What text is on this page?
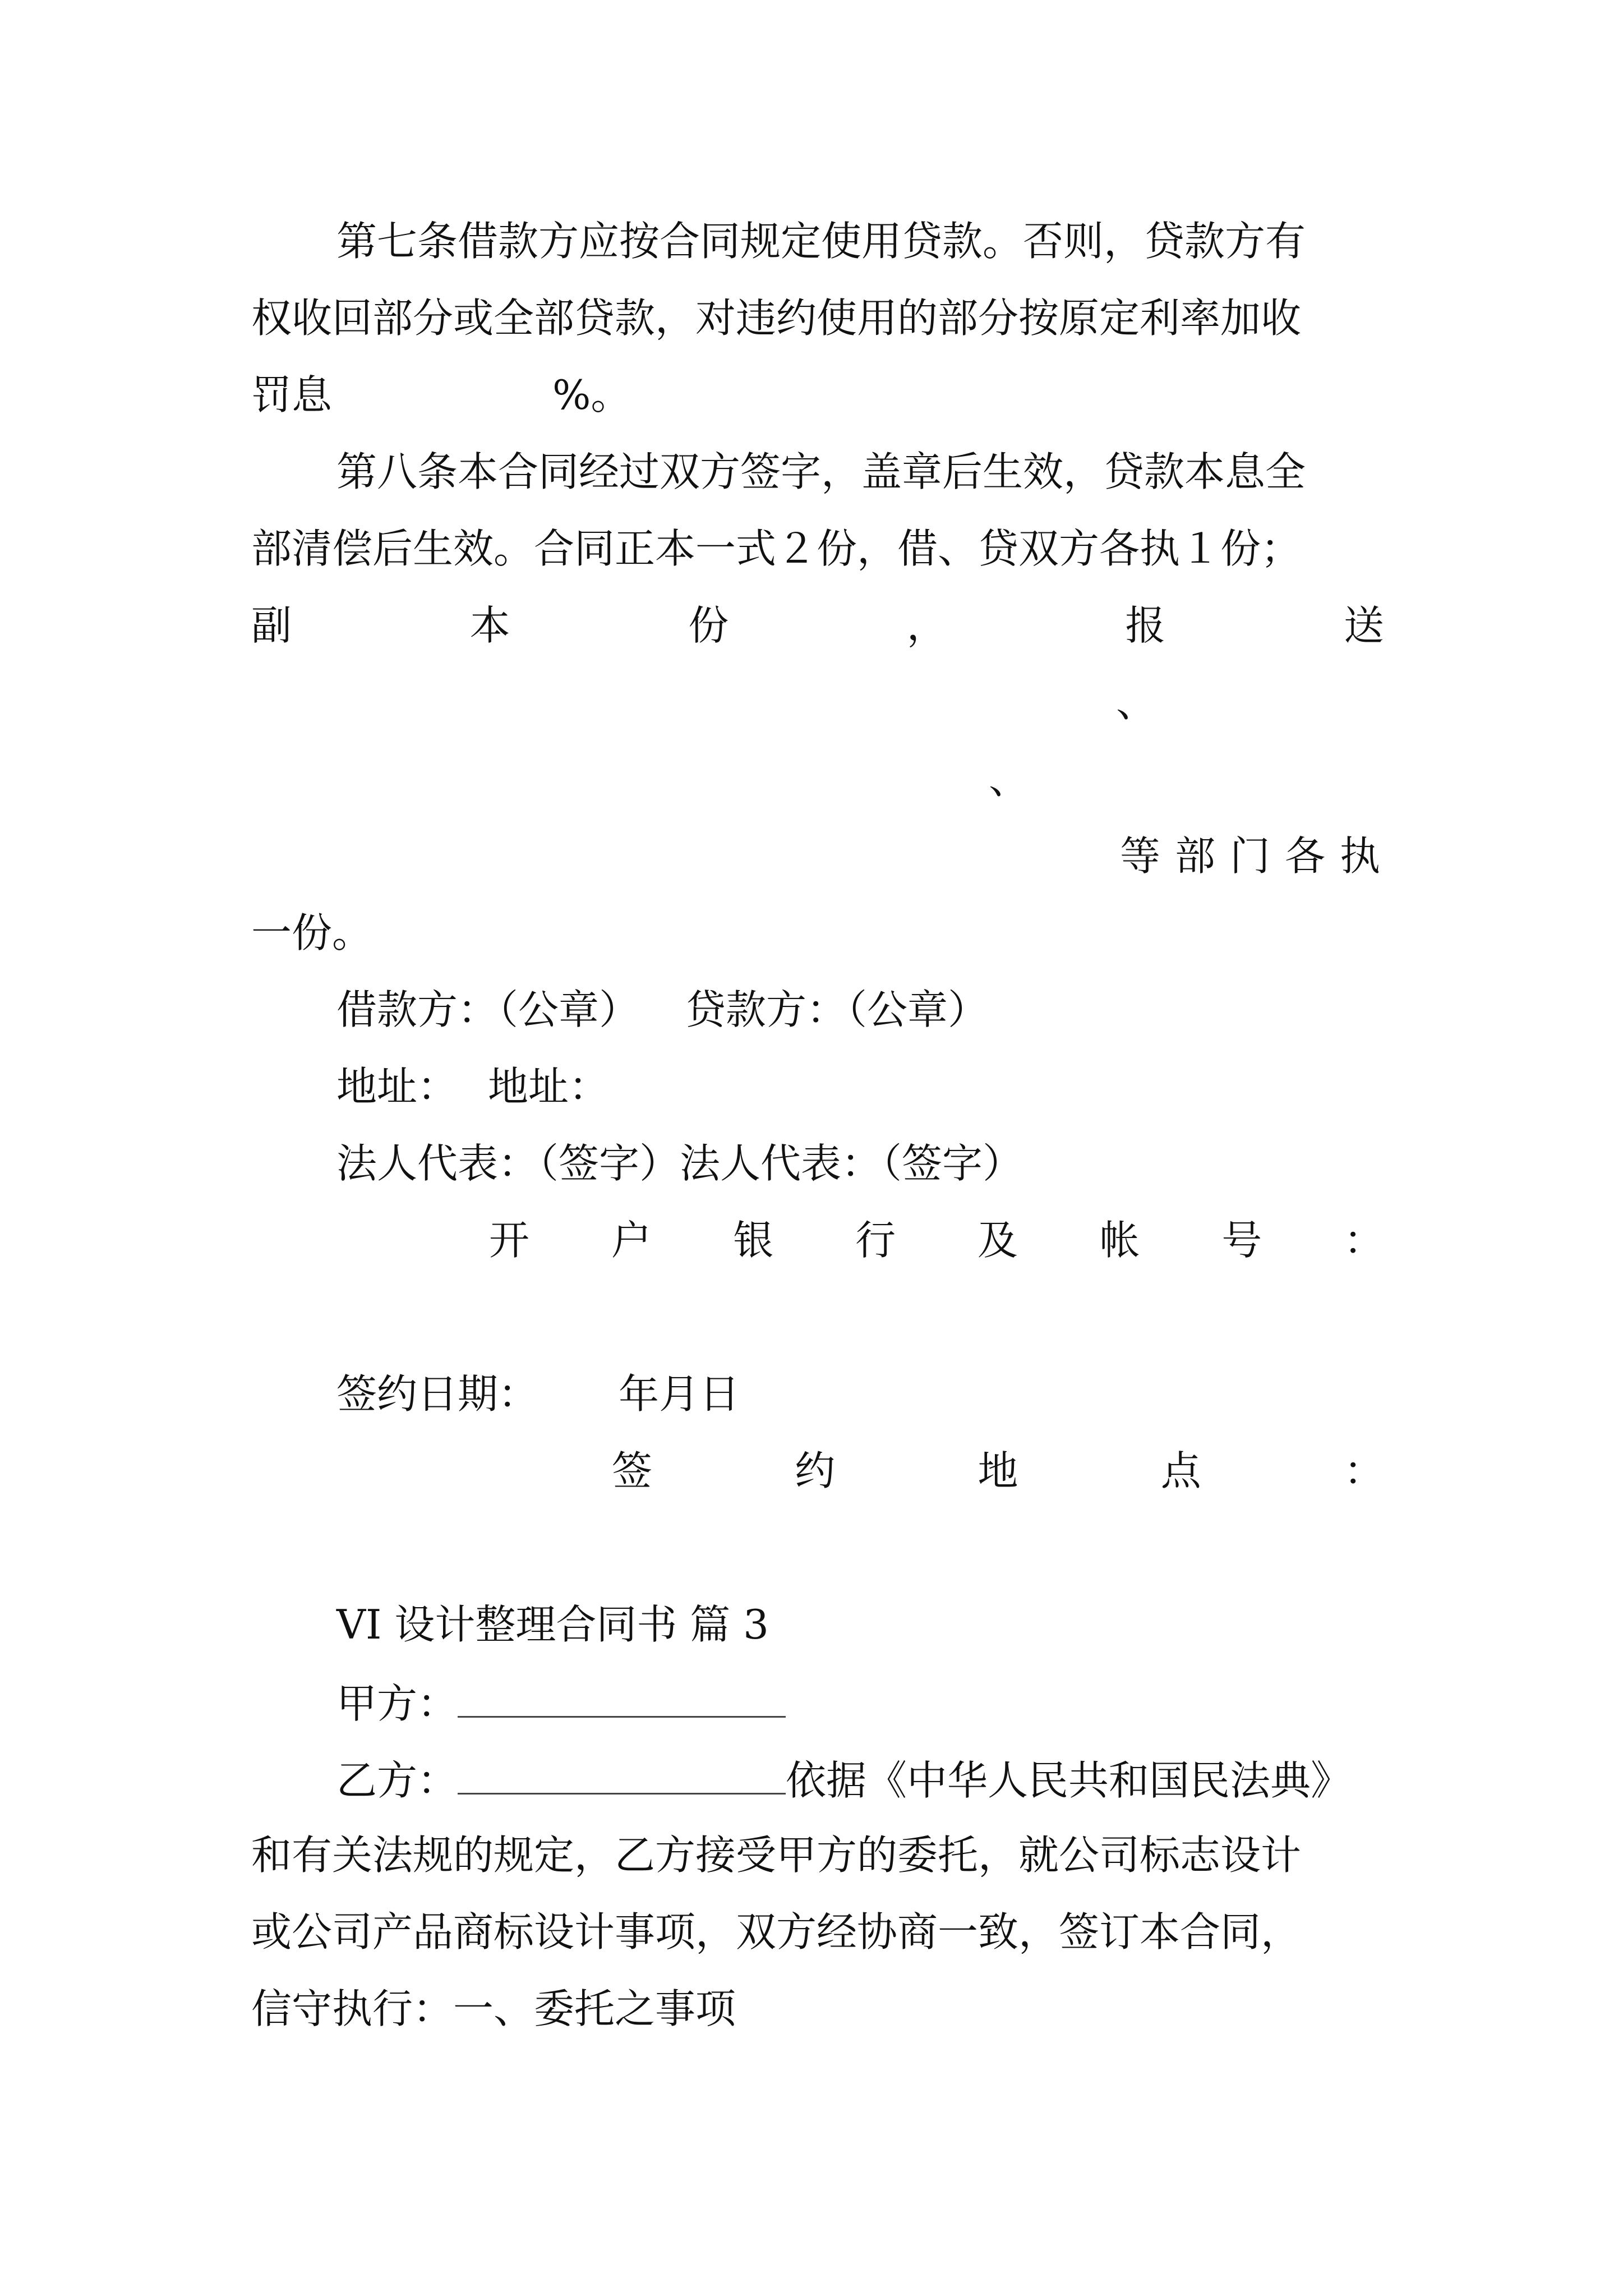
第七条借款方应按合同规定使用贷款。否则，贷款方有
权收回部分或全部贷款，对违约使用的部分按原定利率加收
罚息	%。
第八条本合同经过双方签字，盖章后生效，贷款本息全
部清偿后生效。合同正本一式２份，借、贷双方各执１份；
副	本	份	，	报	送
、
、
等部门各执
一份。
借款方：（公章） 贷款方：（公章）
地址： 地址：
法人代表：（签字）法人代表：（签字）
开 户 银 行 及 帐 号 ：
签约日期： 年月日
签	约	地	点	：
VI 设计整理合同书 篇 3
甲方：
乙方：	依据《中华人民共和国民法典》
和有关法规的规定，乙方接受甲方的委托，就公司标志设计
或公司产品商标设计事项，双方经协商一致，签订本合同，
信守执行：一、委托之事项
